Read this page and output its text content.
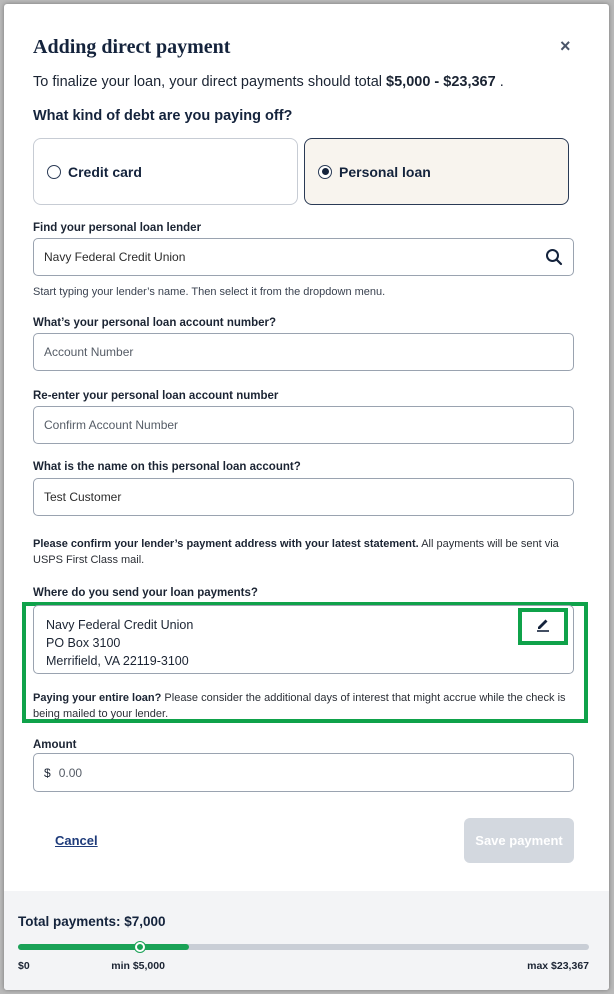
Adding direct payment	×
To finalize your loan, your direct payments should total $5,000 - $23,367 .
What kind of debt are you paying off?
Credit card	Personal loan
Find your personal loan lender
Navy Federal Credit Union
Start typing your lender’s name. Then select it from the dropdown menu.
What’s your personal loan account number?
Account Number
Re-enter your personal loan account number
Confirm Account Number
What is the name on this personal loan account?
Test Customer
Please confirm your lender’s payment address with your latest statement. All payments will be sent via USPS First Class mail.
Where do you send your loan payments?
Navy Federal Credit Union
PO Box 3100
Merrifield, VA 22119-3100
Paying your entire loan? Please consider the additional days of interest that might accrue while the check is being mailed to your lender.
Amount
$ 0.00
Cancel	Save payment
Total payments: $7,000
$0	min $5,000	max $23,367
